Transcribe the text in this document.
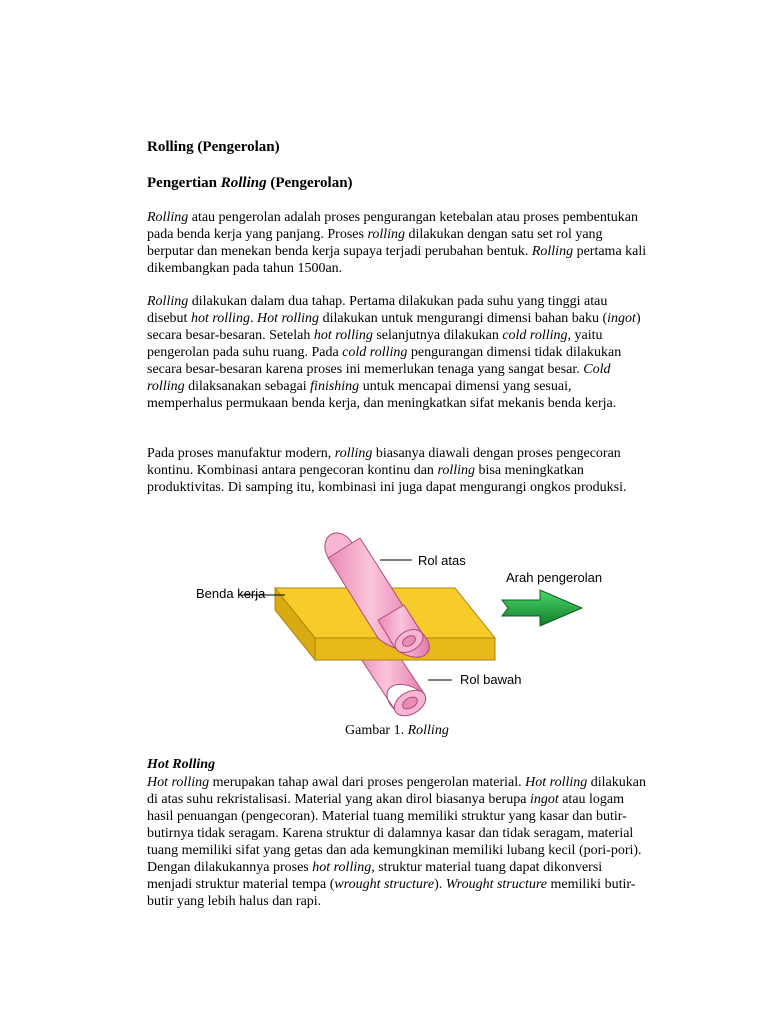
Rolling (Pengerolan)
Pengertian Rolling (Pengerolan)

Rolling atau pengerolan adalah proses pengurangan ketebalan atau proses pembentukan pada benda kerja yang panjang. Proses rolling dilakukan dengan satu set rol yang berputar dan menekan benda kerja supaya terjadi perubahan bentuk. Rolling pertama kali dikembangkan pada tahun 1500an.

Rolling dilakukan dalam dua tahap. Pertama dilakukan pada suhu yang tinggi atau disebut hot rolling. Hot rolling dilakukan untuk mengurangi dimensi bahan baku (ingot) secara besar-besaran. Setelah hot rolling selanjutnya dilakukan cold rolling, yaitu pengerolan pada suhu ruang. Pada cold rolling pengurangan dimensi tidak dilakukan secara besar-besaran karena proses ini memerlukan tenaga yang sangat besar. Cold rolling dilaksanakan sebagai finishing untuk mencapai dimensi yang sesuai, memperhalus permukaan benda kerja, dan meningkatkan sifat mekanis benda kerja.

Pada proses manufaktur modern, rolling biasanya diawali dengan proses pengecoran kontinu. Kombinasi antara pengecoran kontinu dan rolling bisa meningkatkan produktivitas. Di samping itu, kombinasi ini juga dapat mengurangi ongkos produksi.

Rol atas
Arah pengerolan
Benda kerja
Rol bawah
Gambar 1. Rolling
Hot Rolling

Hot rolling merupakan tahap awal dari proses pengerolan material. Hot rolling dilakukan di atas suhu rekristalisasi. Material yang akan dirol biasanya berupa ingot atau logam hasil penuangan (pengecoran). Material tuang memiliki struktur yang kasar dan butir-butirnya tidak seragam. Karena struktur di dalamnya kasar dan tidak seragam, material tuang memiliki sifat yang getas dan ada kemungkinan memiliki lubang kecil (pori-pori). Dengan dilakukannya proses hot rolling, struktur material tuang dapat dikonversi menjadi struktur material tempa (wrought structure). Wrought structure memiliki butir-butir yang lebih halus dan rapi.
